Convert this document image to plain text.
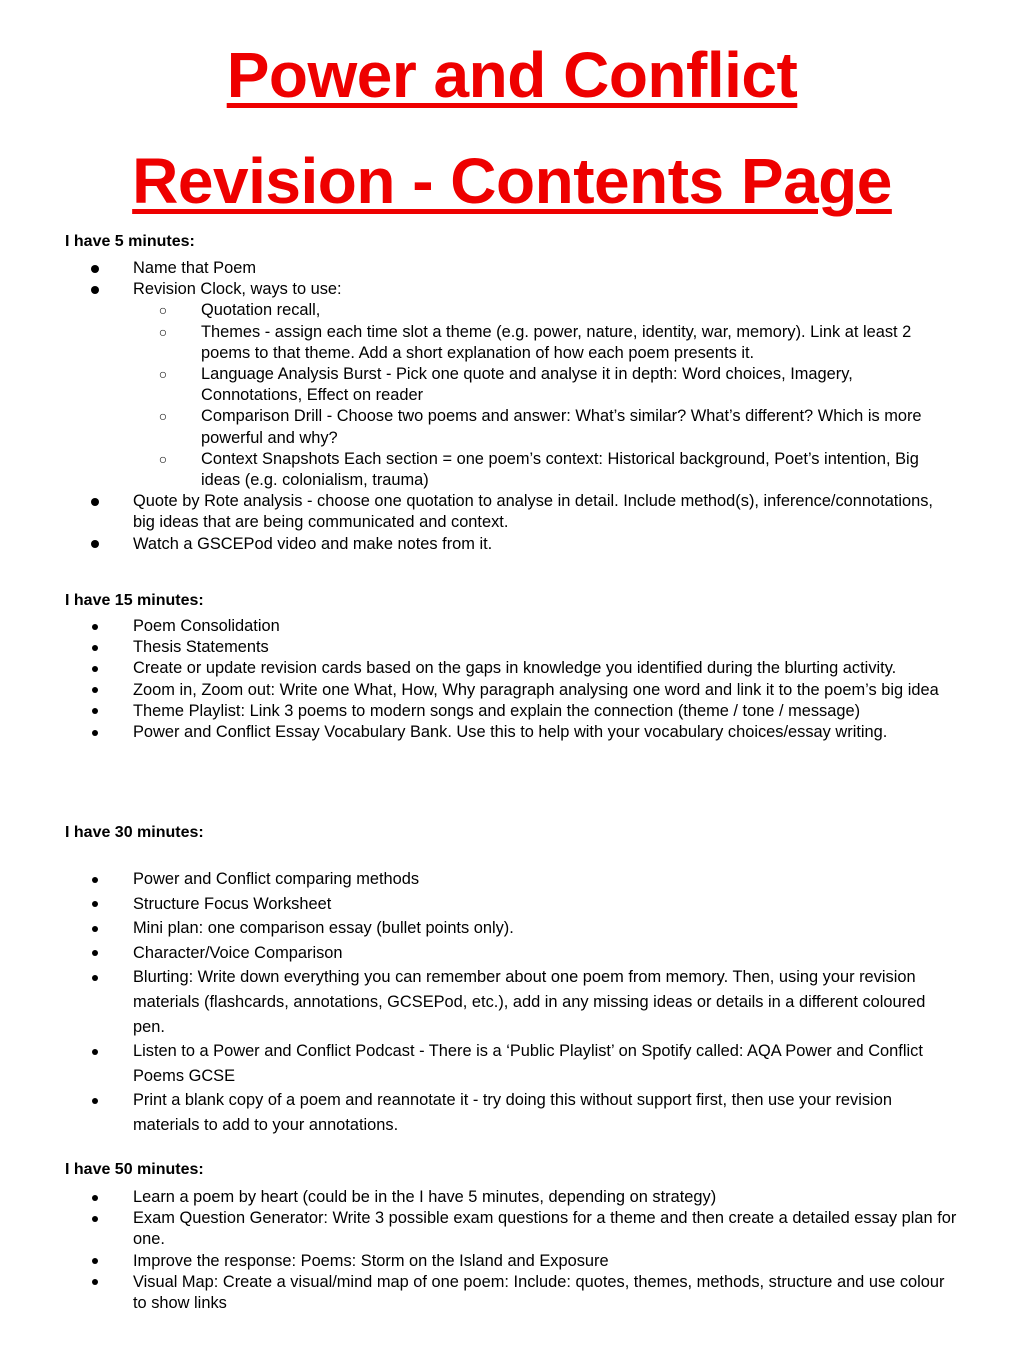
Power and Conflict
Revision - Contents Page
I have 5 minutes:
Name that Poem
Revision Clock, ways to use:
○ Quotation recall,
○ Themes - assign each time slot a theme (e.g. power, nature, identity, war, memory). Link at least 2 poems to that theme. Add a short explanation of how each poem presents it.
○ Language Analysis Burst - Pick one quote and analyse it in depth: Word choices, Imagery, Connotations, Effect on reader
○ Comparison Drill - Choose two poems and answer: What’s similar? What’s different? Which is more powerful and why?
○ Context Snapshots Each section = one poem’s context: Historical background, Poet’s intention, Big ideas (e.g. colonialism, trauma)
Quote by Rote analysis - choose one quotation to analyse in detail. Include method(s), inference/connotations, big ideas that are being communicated and context.
Watch a GSCEPod video and make notes from it.
I have 15 minutes:
Poem Consolidation
Thesis Statements
Create or update revision cards based on the gaps in knowledge you identified during the blurting activity.
Zoom in, Zoom out: Write one What, How, Why paragraph analysing one word and link it to the poem’s big idea
Theme Playlist: Link 3 poems to modern songs and explain the connection (theme / tone / message)
Power and Conflict Essay Vocabulary Bank. Use this to help with your vocabulary choices/essay writing.
I have 30 minutes:
Power and Conflict comparing methods
Structure Focus Worksheet
Mini plan: one comparison essay (bullet points only).
Character/Voice Comparison
Blurting: Write down everything you can remember about one poem from memory. Then, using your revision materials (flashcards, annotations, GCSEPod, etc.), add in any missing ideas or details in a different coloured pen.
Listen to a Power and Conflict Podcast - There is a ‘Public Playlist’ on Spotify called: AQA Power and Conflict Poems GCSE
Print a blank copy of a poem and reannotate it - try doing this without support first, then use your revision materials to add to your annotations.
I have 50 minutes:
Learn a poem by heart (could be in the I have 5 minutes, depending on strategy)
Exam Question Generator: Write 3 possible exam questions for a theme and then create a detailed essay plan for one.
Improve the response: Poems: Storm on the Island and Exposure
Visual Map: Create a visual/mind map of one poem: Include: quotes, themes, methods, structure and use colour to show links
